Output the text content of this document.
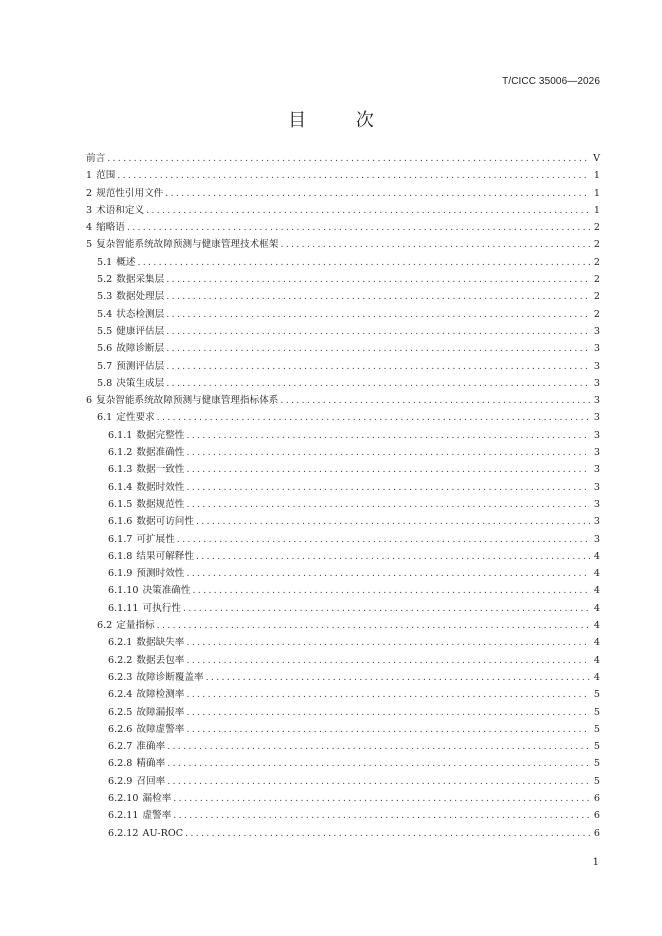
T/CICC 35006—2026
目 次
前言 . . .	V
1 范围 . . .	1
2 规范性引用文件 . . .	1
3 术语和定义 . . .	1
4 缩略语 . . .	2
5 复杂智能系统故障预测与健康管理技术框架 . . .	2
5.1 概述 . . .	2
5.2 数据采集层 . . .	2
5.3 数据处理层 . . .	2
5.4 状态检测层 . . .	2
5.5 健康评估层 . . .	3
5.6 故障诊断层 . . .	3
5.7 预测评估层 . . .	3
5.8 决策生成层 . . .	3
6 复杂智能系统故障预测与健康管理指标体系 . . .	3
6.1 定性要求 . . .	3
6.1.1 数据完整性 . . .	3
6.1.2 数据准确性 . . .	3
6.1.3 数据一致性 . . .	3
6.1.4 数据时效性 . . .	3
6.1.5 数据规范性 . . .	3
6.1.6 数据可访问性 . . .	3
6.1.7 可扩展性 . . .	3
6.1.8 结果可解释性 . . .	4
6.1.9 预测时效性 . . .	4
6.1.10 决策准确性 . . .	4
6.1.11 可执行性 . . .	4
6.2 定量指标 . . .	4
6.2.1 数据缺失率 . . .	4
6.2.2 数据丢包率 . . .	4
6.2.3 故障诊断覆盖率 . . .	4
6.2.4 故障检测率 . . .	5
6.2.5 故障漏报率 . . .	5
6.2.6 故障虚警率 . . .	5
6.2.7 准确率 . . .	5
6.2.8 精确率 . . .	5
6.2.9 召回率 . . .	5
6.2.10 漏检率 . . .	6
6.2.11 虚警率 . . .	6
6.2.12 AU-ROC . . .	6
1
